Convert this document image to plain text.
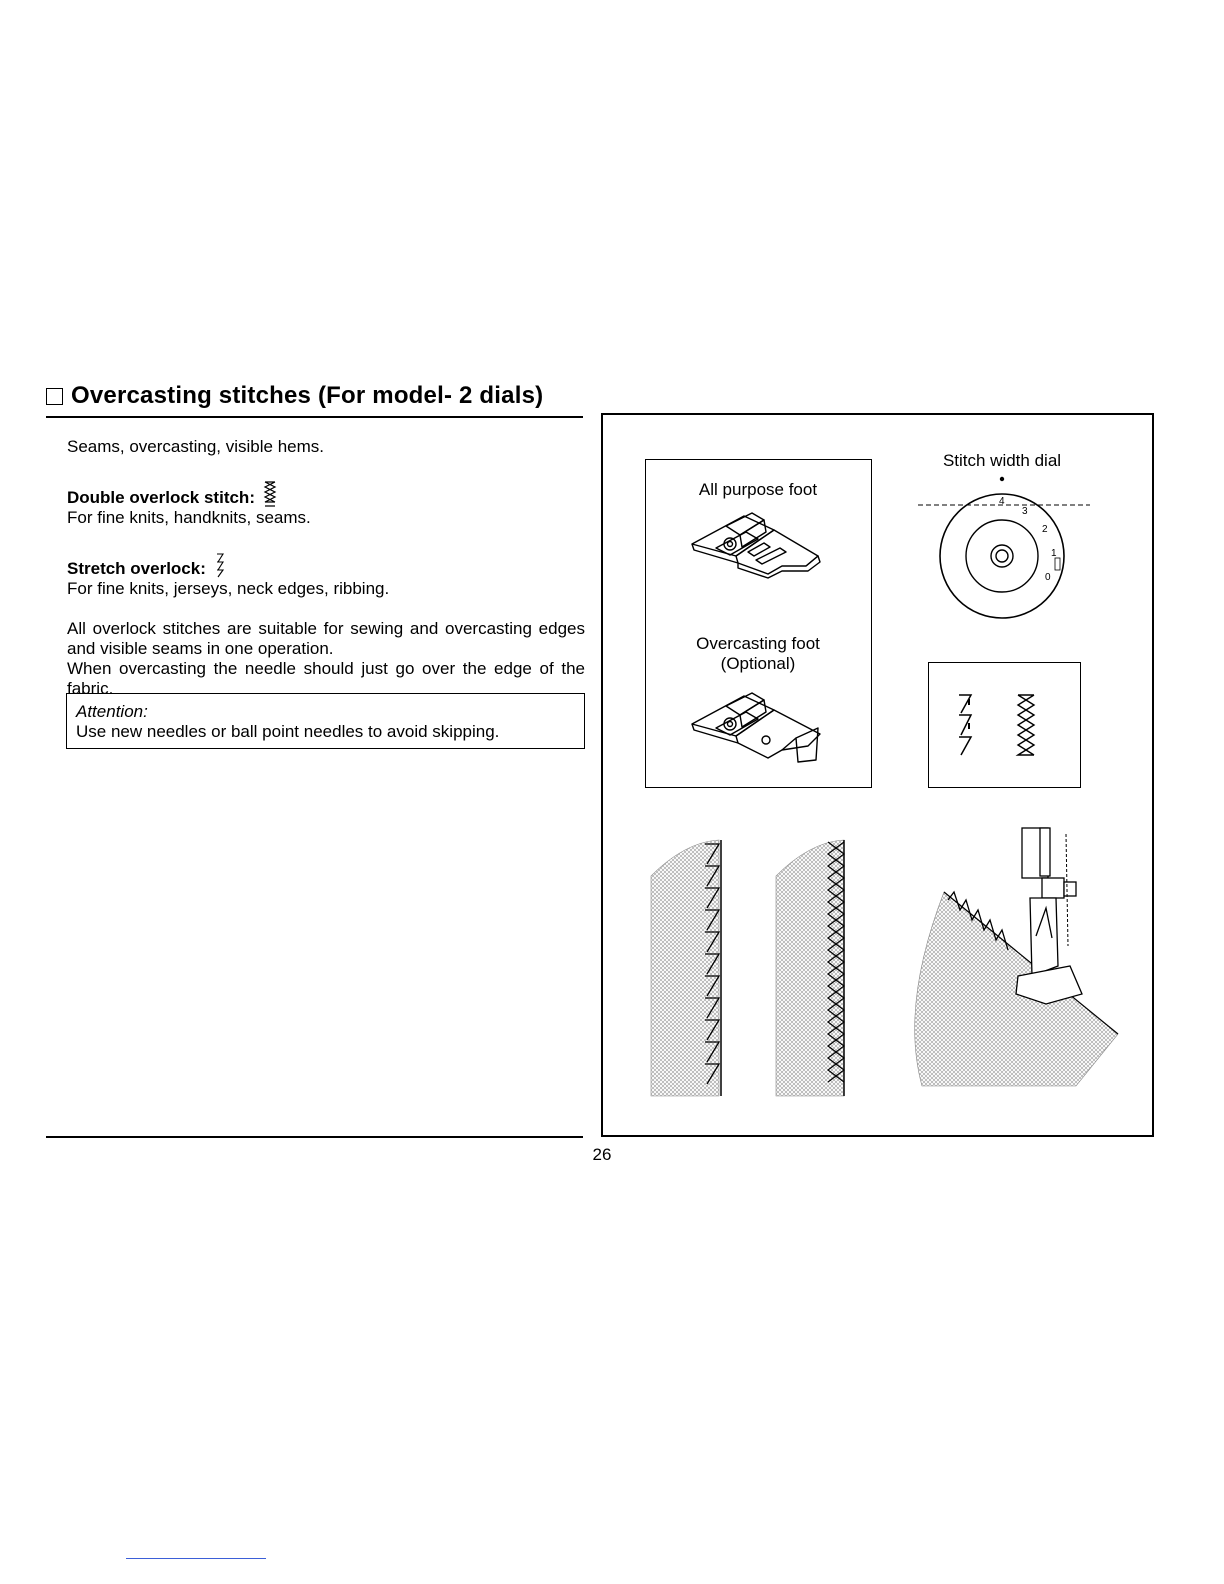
Overcasting stitches (For model- 2 dials)

Seams, overcasting, visible hems.

Double overlock stitch:

For fine knits, handknits, seams.

Stretch overlock:

For fine knits, jerseys, neck edges, ribbing.

All overlock stitches are suitable for sewing and overcasting edges and visible seams in one operation.

When overcasting the needle should just go over the edge of the fabric.

Attention:
Use new needles or ball point needles to avoid skipping.
All purpose foot
Overcasting foot
(Optional)
Stitch width dial
4
3
2
1
0
26
